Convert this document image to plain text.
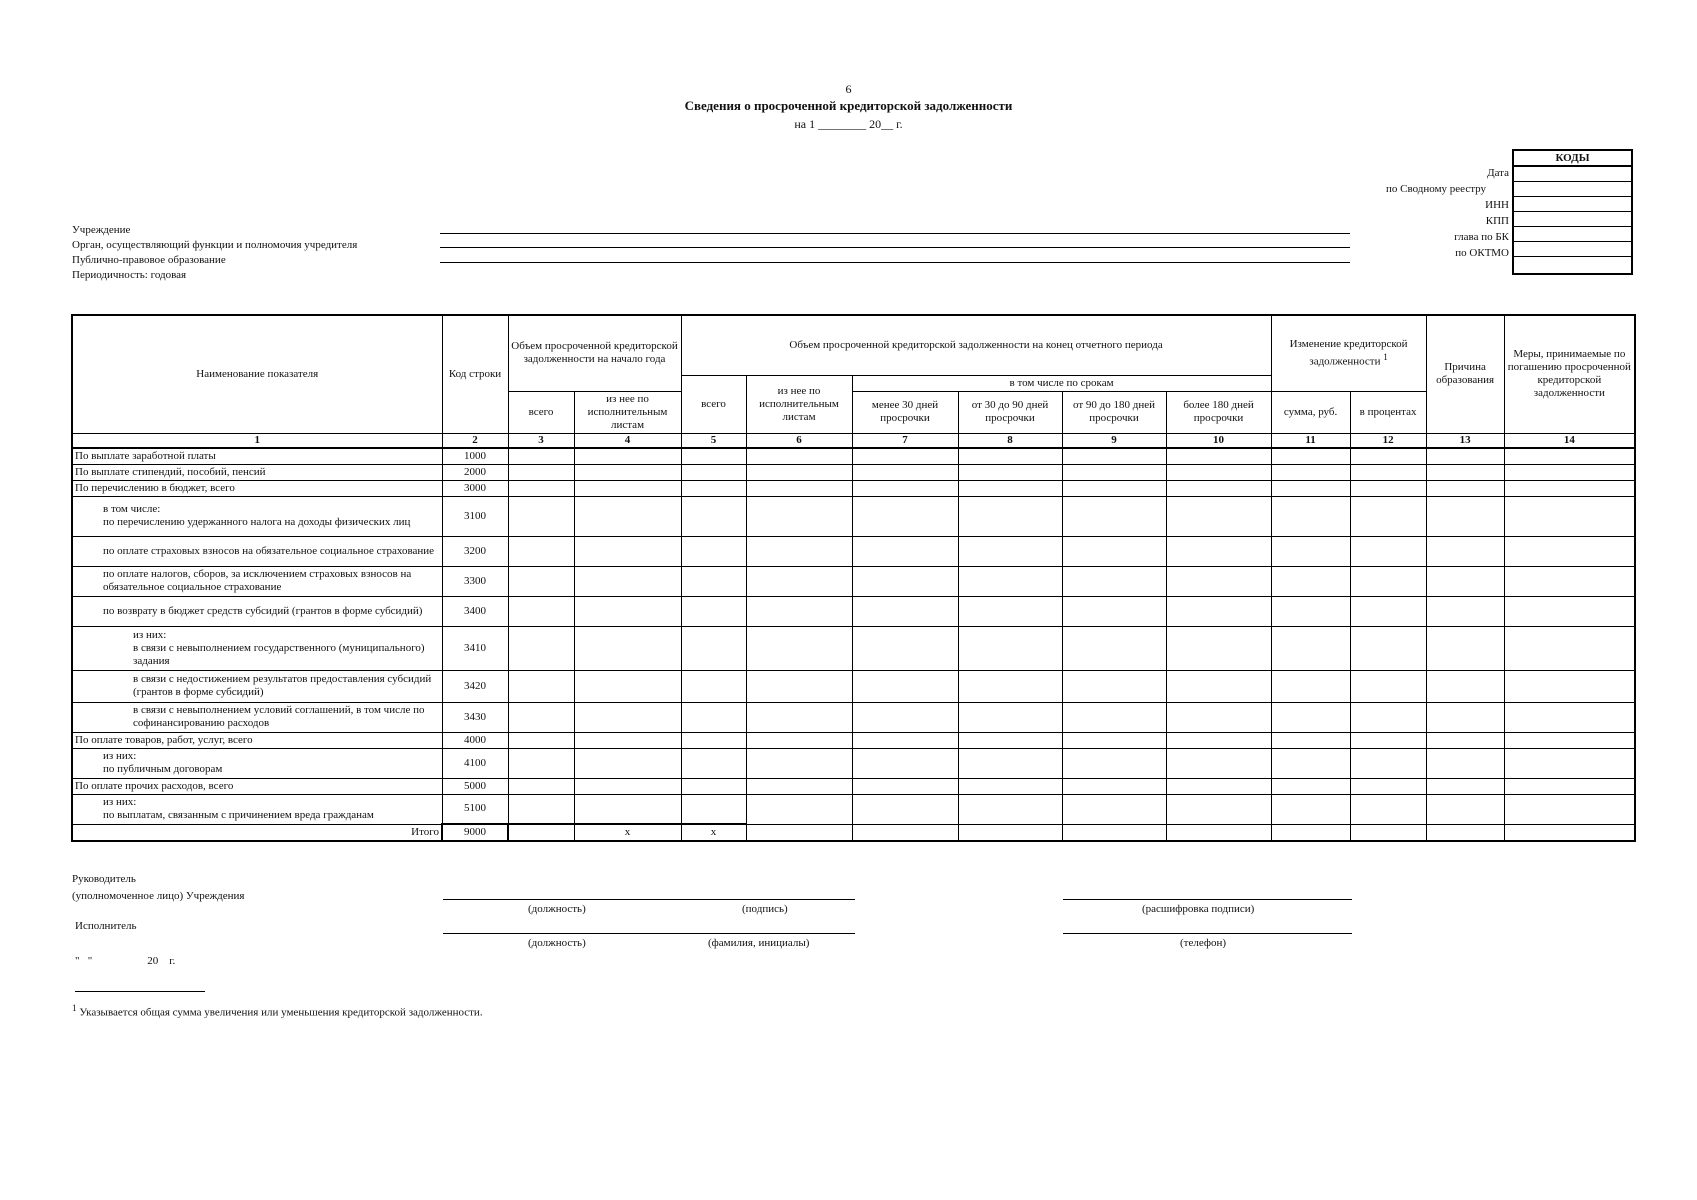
6
Сведения о просроченной кредиторской задолженности
на 1 ________ 20__ г.
КОДЫ

Дата
по Сводному реестру
ИНН
КПП
глава по БК
по ОКТМО
Учреждение
Орган, осуществляющий функции и полномочия учредителя
Публично-правовое образование
Периодичность: годовая
Наименование показателя	Код строки	Объем просроченной кредиторской задолженности на начало года		Объем просроченной кредиторской задолженности на конец отчетного периода						Изменение кредиторской задолженности $^1$		Причина образования	Меры, принимаемые по погашению просроченной кредиторской задолженности
				всего	из нее по исполнительным листам	в том числе по срокам							
		всего	из нее по исполнительным листам			менее 30 дней просрочки	от 30 до 90 дней просрочки	от 90 до 180 дней просрочки	более 180 дней просрочки	сумма, руб.	в процентах		
1	2	3	4	5	6	7	8	9	10	11	12	13	14
По выплате заработной платы	1000												
По выплате стипендий, пособий, пенсий	2000												
По перечислению в бюджет, всего	3000												

в том числе:
по перечислению удержанного налога на доходы физических лиц	3100												
по оплате страховых взносов на обязательное социальное страхование	3200												
по оплате налогов, сборов, за исключением страховых взносов на обязательное социальное страхование	3300												
по возврату в бюджет средств субсидий (грантов в форме субсидий)	3400												

из них:
в связи с невыполнением государственного (муниципального) задания	3410												
в связи с недостижением результатов предоставления субсидий (грантов в форме субсидий)	3420												
в связи с невыполнением условий соглашений, в том числе по софинансированию расходов	3430												
По оплате товаров, работ, услуг, всего	4000												

из них:
по публичным договорам	4100												
По оплате прочих расходов, всего	5000												

из них:
по выплатам, связанным с причинением вреда гражданам	5100												
Итого	9000		x	x									
Руководитель
(уполномоченное лицо) Учреждения
(должность)	(подпись)	(расшифровка подписи)
Исполнитель
(должность)	(фамилия, инициалы)	(телефон)
"   "                    20    г.
$^1$ Указывается общая сумма увеличения или уменьшения кредиторской задолженности.
